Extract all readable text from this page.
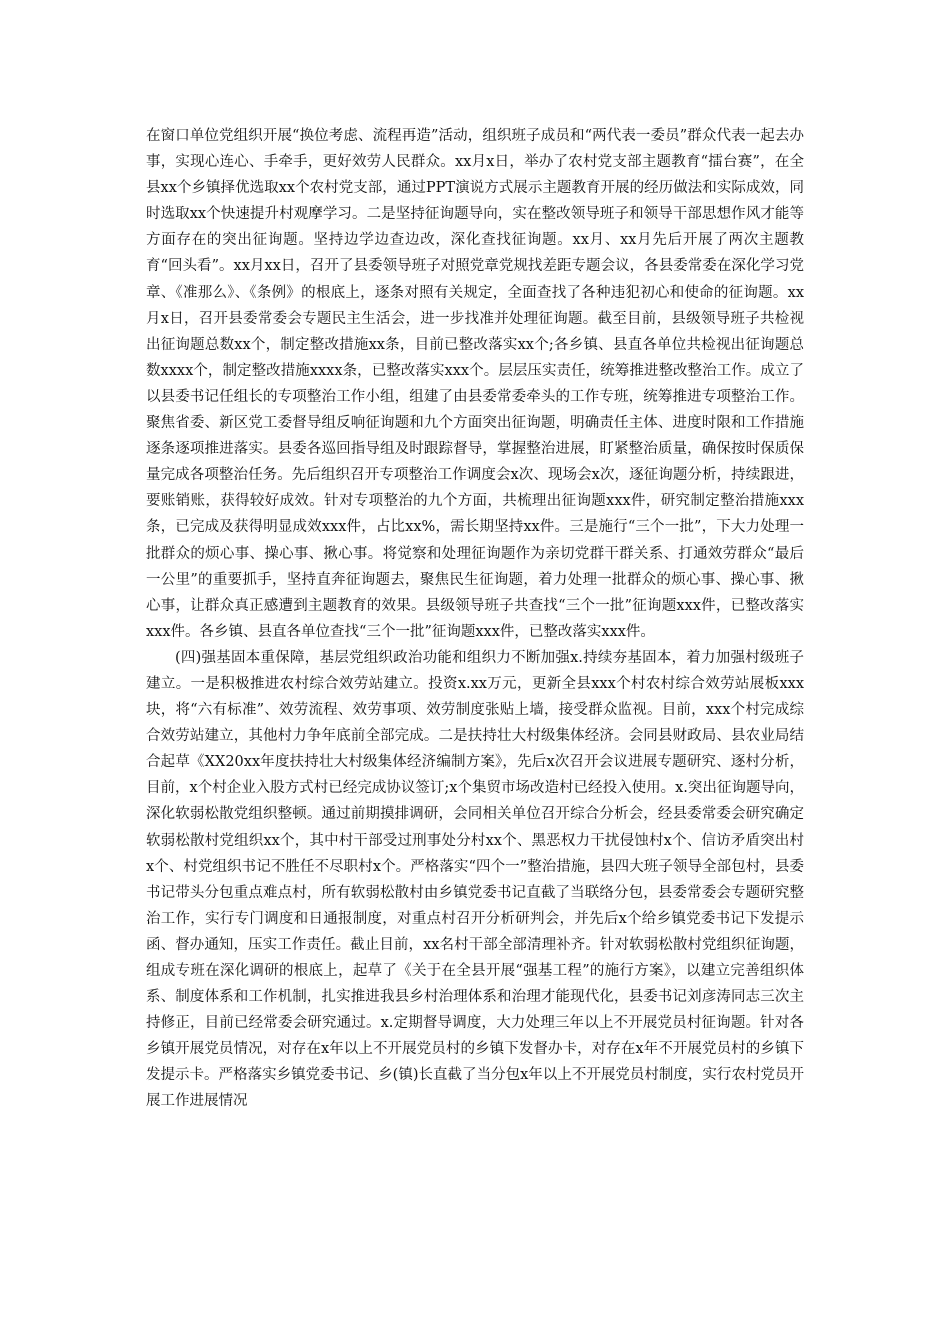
在窗口单位党组织开展“换位考虑、流程再造”活动，组织班子成员和“两代表一委员”群众代表一起去办事，实现心连心、手牵手，更好效劳人民群众。xx月x日，举办了农村党支部主题教育“擂台赛”，在全县xx个乡镇择优选取xx个农村党支部，通过PPT演说方式展示主题教育开展的经历做法和实际成效，同时选取xx个快速提升村观摩学习。二是坚持征询题导向，实在整改领导班子和领导干部思想作风才能等方面存在的突出征询题。坚持边学边查边改，深化查找征询题。xx月、xx月先后开展了两次主题教育“回头看”。xx月xx日，召开了县委领导班子对照党章党规找差距专题会议，各县委常委在深化学习党章、《准那么》、《条例》的根底上，逐条对照有关规定，全面查找了各种违犯初心和使命的征询题。xx月x日，召开县委常委会专题民主生活会，进一步找准并处理征询题。截至目前，县级领导班子共检视出征询题总数xx个，制定整改措施xx条，目前已整改落实xx个;各乡镇、县直各单位共检视出征询题总数xxxx个，制定整改措施xxxx条，已整改落实xxx个。层层压实责任，统筹推进整改整治工作。成立了以县委书记任组长的专项整治工作小组，组建了由县委常委牵头的工作专班，统筹推进专项整治工作。聚焦省委、新区党工委督导组反响征询题和九个方面突出征询题，明确责任主体、进度时限和工作措施逐条逐项推进落实。县委各巡回指导组及时跟踪督导，掌握整治进展，盯紧整治质量，确保按时保质保量完成各项整治任务。先后组织召开专项整治工作调度会x次、现场会x次，逐征询题分析，持续跟进，要账销账，获得较好成效。针对专项整治的九个方面，共梳理出征询题xxx件，研究制定整治措施xxx条，已完成及获得明显成效xxx件，占比xx%，需长期坚持xx件。三是施行“三个一批”，下大力处理一批群众的烦心事、操心事、揪心事。将觉察和处理征询题作为亲切党群干群关系、打通效劳群众“最后一公里”的重要抓手，坚持直奔征询题去，聚焦民生征询题，着力处理一批群众的烦心事、操心事、揪心事，让群众真正感遭到主题教育的效果。县级领导班子共查找“三个一批”征询题xxx件，已整改落实xxx件。各乡镇、县直各单位查找“三个一批”征询题xxx件，已整改落实xxx件。

(四)强基固本重保障，基层党组织政治功能和组织力不断加强x.持续夯基固本，着力加强村级班子建立。一是积极推进农村综合效劳站建立。投资x.xx万元，更新全县xxx个村农村综合效劳站展板xxx块，将“六有标准”、效劳流程、效劳事项、效劳制度张贴上墙，接受群众监视。目前，xxx个村完成综合效劳站建立，其他村力争年底前全部完成。二是扶持壮大村级集体经济。会同县财政局、县农业局结合起草《XX20xx年度扶持壮大村级集体经济编制方案》，先后x次召开会议进展专题研究、逐村分析，目前，x个村企业入股方式村已经完成协议签订;x个集贸市场改造村已经投入使用。x.突出征询题导向，深化软弱松散党组织整顿。通过前期摸排调研，会同相关单位召开综合分析会，经县委常委会研究确定软弱松散村党组织xx个，其中村干部受过刑事处分村xx个、黑恶权力干扰侵蚀村x个、信访矛盾突出村x个、村党组织书记不胜任不尽职村x个。严格落实“四个一”整治措施，县四大班子领导全部包村，县委书记带头分包重点难点村，所有软弱松散村由乡镇党委书记直截了当联络分包，县委常委会专题研究整治工作，实行专门调度和日通报制度，对重点村召开分析研判会，并先后x个给乡镇党委书记下发提示函、督办通知，压实工作责任。截止目前，xx名村干部全部清理补齐。针对软弱松散村党组织征询题，组成专班在深化调研的根底上，起草了《关于在全县开展“强基工程”的施行方案》，以建立完善组织体系、制度体系和工作机制，扎实推进我县乡村治理体系和治理才能现代化，县委书记刘彦涛同志三次主持修正，目前已经常委会研究通过。x.定期督导调度，大力处理三年以上不开展党员村征询题。针对各乡镇开展党员情况，对存在x年以上不开展党员村的乡镇下发督办卡，对存在x年不开展党员村的乡镇下发提示卡。严格落实乡镇党委书记、乡(镇)长直截了当分包x年以上不开展党员村制度，实行农村党员开展工作进展情况
